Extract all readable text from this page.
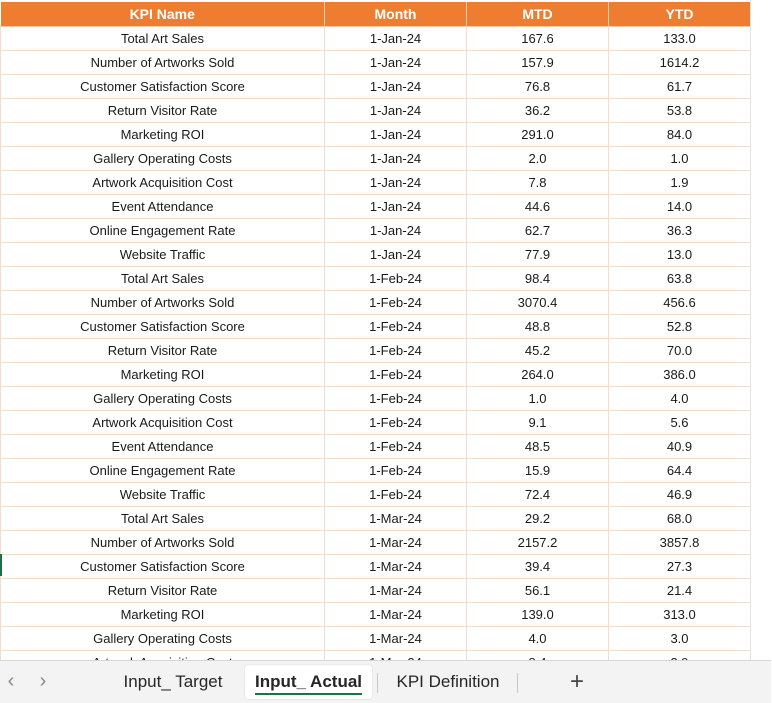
KPI Name	Month	MTD	YTD
Total Art Sales	1-Jan-24	167.6	133.0
Number of Artworks Sold	1-Jan-24	157.9	1614.2
Customer Satisfaction Score	1-Jan-24	76.8	61.7
Return Visitor Rate	1-Jan-24	36.2	53.8
Marketing ROI	1-Jan-24	291.0	84.0
Gallery Operating Costs	1-Jan-24	2.0	1.0
Artwork Acquisition Cost	1-Jan-24	7.8	1.9
Event Attendance	1-Jan-24	44.6	14.0
Online Engagement Rate	1-Jan-24	62.7	36.3
Website Traffic	1-Jan-24	77.9	13.0
Total Art Sales	1-Feb-24	98.4	63.8
Number of Artworks Sold	1-Feb-24	3070.4	456.6
Customer Satisfaction Score	1-Feb-24	48.8	52.8
Return Visitor Rate	1-Feb-24	45.2	70.0
Marketing ROI	1-Feb-24	264.0	386.0
Gallery Operating Costs	1-Feb-24	1.0	4.0
Artwork Acquisition Cost	1-Feb-24	9.1	5.6
Event Attendance	1-Feb-24	48.5	40.9
Online Engagement Rate	1-Feb-24	15.9	64.4
Website Traffic	1-Feb-24	72.4	46.9
Total Art Sales	1-Mar-24	29.2	68.0
Number of Artworks Sold	1-Mar-24	2157.2	3857.8
Customer Satisfaction Score	1-Mar-24	39.4	27.3
Return Visitor Rate	1-Mar-24	56.1	21.4
Marketing ROI	1-Mar-24	139.0	313.0
Gallery Operating Costs	1-Mar-24	4.0	3.0

‹	›	Input_ Target	Input_ Actual	KPI Definition	+
